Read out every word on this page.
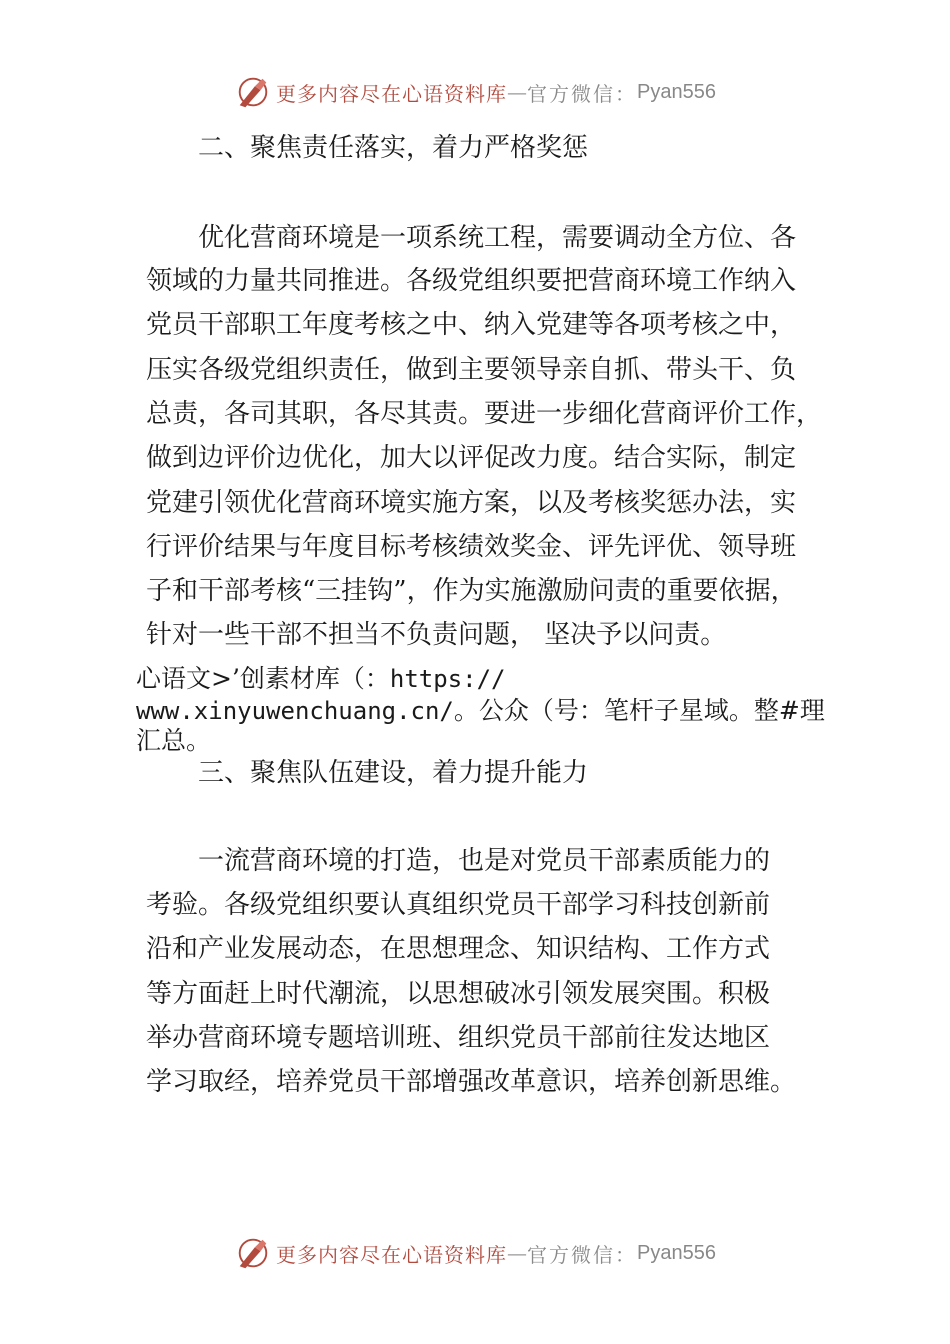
更多内容尽在心语资料库 — 官方微信： Pyan556
二、聚焦责任落实，着力严格奖惩
优化营商环境是一项系统工程，需要调动全方位、各
领域的力量共同推进。各级党组织要把营商环境工作纳入
党员干部职工年度考核之中、纳入党建等各项考核之中，
压实各级党组织责任，做到主要领导亲自抓、带头干、负
总责，各司其职，各尽其责。要进一步细化营商评价工作，
做到边评价边优化，加大以评促改力度。结合实际，制定
党建引领优化营商环境实施方案，以及考核奖惩办法，实
行评价结果与年度目标考核绩效奖金、评先评优、领导班
子和干部考核“三挂钩”，作为实施激励问责的重要依据，
针对一些干部不担当不负责问题， 坚决予以问责。
心语文>’创素材库（：https://
www.xinyuwenchuang.cn/。公众（号：笔杆子星域。整#理
汇总。
三、聚焦队伍建设，着力提升能力
一流营商环境的打造，也是对党员干部素质能力的
考验。各级党组织要认真组织党员干部学习科技创新前
沿和产业发展动态，在思想理念、知识结构、工作方式
等方面赶上时代潮流，以思想破冰引领发展突围。积极
举办营商环境专题培训班、组织党员干部前往发达地区
学习取经，培养党员干部增强改革意识，培养创新思维。
更多内容尽在心语资料库 — 官方微信： Pyan556
